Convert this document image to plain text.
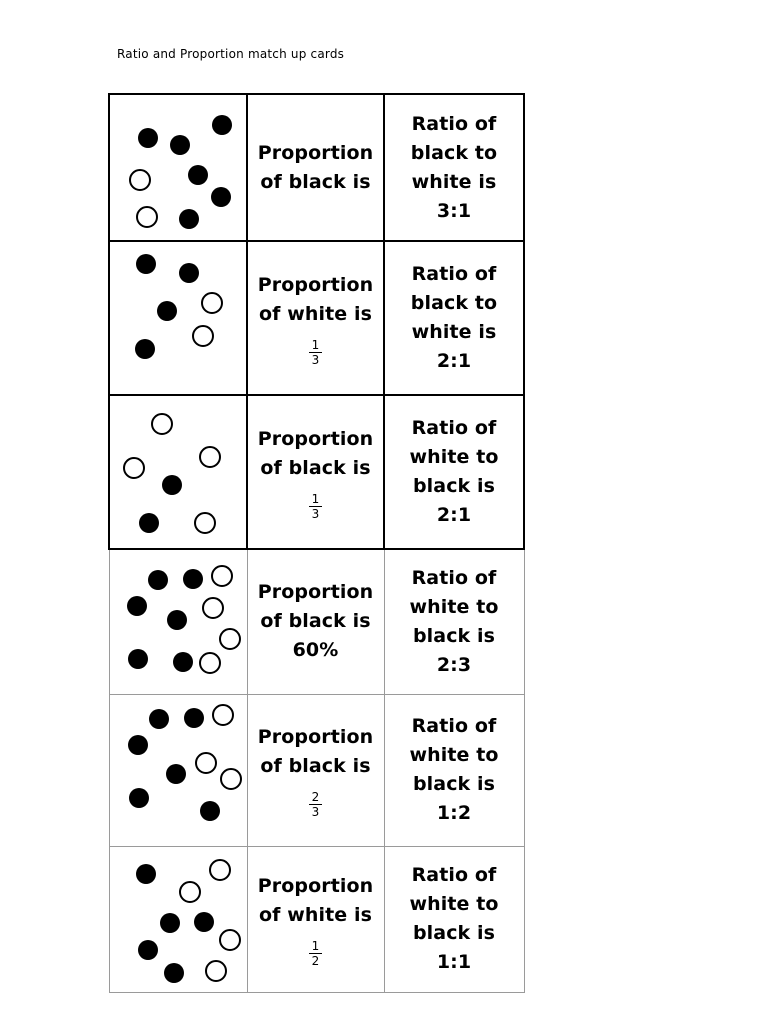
Ratio and Proportion match up cards

Proportion
of black is	Ratio of
black to
white is
3:1

Proportion
of white is
$\frac{1}{3}$	Ratio of
black to
white is
2:1

Proportion
of black is
$\frac{1}{3}$	Ratio of
white to
black is
2:1

Proportion
of black is
60%	Ratio of
white to
black is
2:3

Proportion
of black is
$\frac{2}{3}$	Ratio of
white to
black is
1:2

Proportion
of white is
$\frac{1}{2}$	Ratio of
white to
black is
1:1
